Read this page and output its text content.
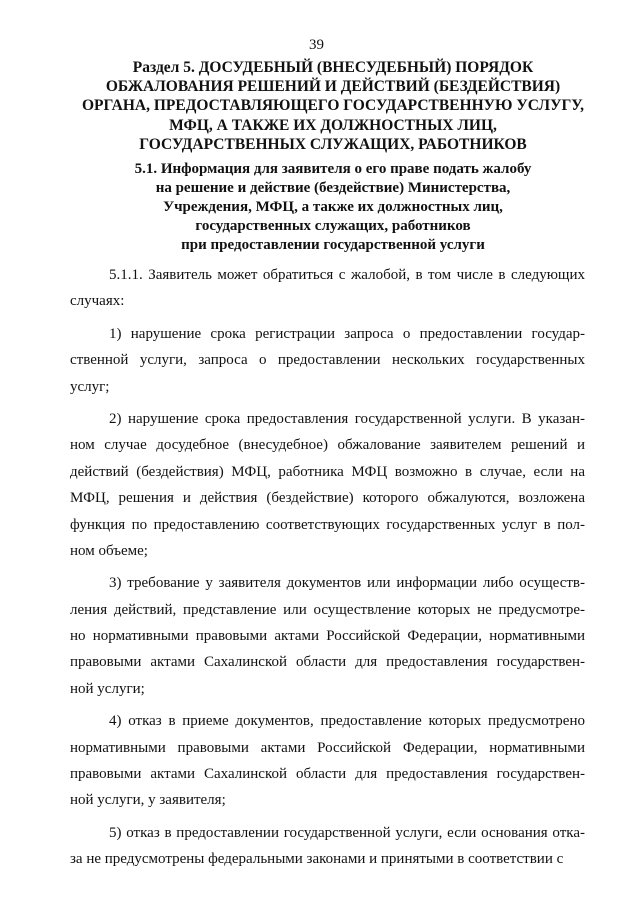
39
Раздел 5. ДОСУДЕБНЫЙ (ВНЕСУДЕБНЫЙ) ПОРЯДОК
ОБЖАЛОВАНИЯ РЕШЕНИЙ И ДЕЙСТВИЙ (БЕЗДЕЙСТВИЯ)
ОРГАНА, ПРЕДОСТАВЛЯЮЩЕГО ГОСУДАРСТВЕННУЮ УСЛУГУ,
МФЦ, А ТАКЖЕ ИХ ДОЛЖНОСТНЫХ ЛИЦ,
ГОСУДАРСТВЕННЫХ СЛУЖАЩИХ, РАБОТНИКОВ
5.1. Информация для заявителя о его праве подать жалобу
на решение и действие (бездействие) Министерства,
Учреждения, МФЦ, а также их должностных лиц,
государственных служащих, работников
при предоставлении государственной услуги
5.1.1. Заявитель может обратиться с жалобой, в том числе в следующих
случаях:
1) нарушение срока регистрации запроса о предоставлении государ-
ственной услуги, запроса о предоставлении нескольких государственных
услуг;
2) нарушение срока предоставления государственной услуги. В указан-
ном случае досудебное (внесудебное) обжалование заявителем решений и
действий (бездействия) МФЦ, работника МФЦ возможно в случае, если на
МФЦ, решения и действия (бездействие) которого обжалуются, возложена
функция по предоставлению соответствующих государственных услуг в пол-
ном объеме;
3) требование у заявителя документов или информации либо осуществ-
ления действий, представление или осуществление которых не предусмотре-
но нормативными правовыми актами Российской Федерации, нормативными
правовыми актами Сахалинской области для предоставления государствен-
ной услуги;
4) отказ в приеме документов, предоставление которых предусмотрено
нормативными правовыми актами Российской Федерации, нормативными
правовыми актами Сахалинской области для предоставления государствен-
ной услуги, у заявителя;
5) отказ в предоставлении государственной услуги, если основания отка-
за не предусмотрены федеральными законами и принятыми в соответствии с
